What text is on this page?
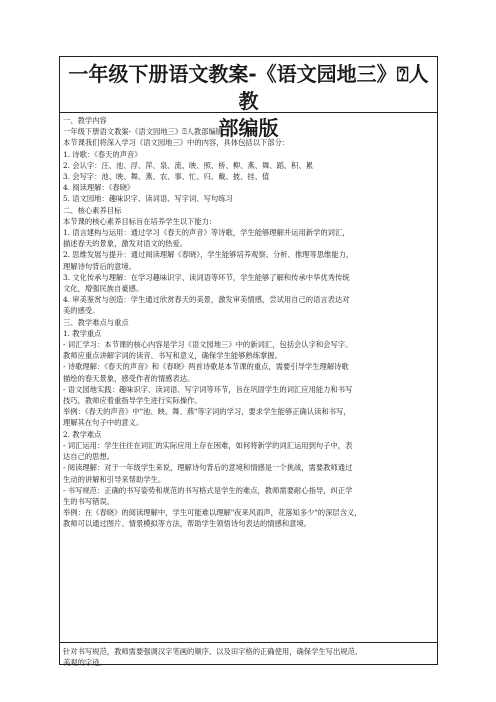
一年级下册语文教案-《语文园地三》⍰人教
部编版
一、教学内容
一年级下册语文教案-《语文园地三》⍰人教部编版
本节课我们将深入学习《语文园地三》中的内容，具体包括以下部分：
1. 诗歌：《春天的声音》
2. 会认字：汪、池、浮、萍、泉、流、映、照、桥、柳、燕、舞、蹈、积、累
3. 会写字：池、映、舞、燕、农、事、忙、归、戴、披、挂、值
4. 阅读理解：《春晓》
5. 语文园地：趣味识字、读词语、写字词、写句练习
二、核心素养目标
本节课的核心素养目标旨在培养学生以下能力：
1. 语言建构与运用：通过学习《春天的声音》等诗歌，学生能够理解并运用新学的词汇，
描述春天的景象，激发对语文的热爱。
2. 思维发展与提升：通过阅读理解《春晓》，学生能够培养观察、分析、推理等思维能力，
理解诗句背后的意境。
3. 文化传承与理解：在学习趣味识字、读词语等环节，学生能够了解和传承中华优秀传统
文化，增强民族自豪感。
4. 审美鉴赏与创造：学生通过欣赏春天的美景，激发审美情感，尝试用自己的语言表达对
美的感受。
三、教学难点与重点
1. 教学重点
- 词汇学习：本节课的核心内容是学习《语文园地三》中的新词汇，包括会认字和会写字。
教师应重点讲解字词的读音、书写和意义，确保学生能够熟练掌握。
- 诗歌理解：《春天的声音》和《春晓》两首诗歌是本节课的重点，需要引导学生理解诗歌
描绘的春天景象，感受作者的情感表达。
- 语文园地实践：趣味识字、读词语、写字词等环节，旨在巩固学生的词汇应用能力和书写
技巧，教师应着重指导学生进行实际操作。
举例：《春天的声音》中"池、映、舞、燕"等字词的学习，要求学生能够正确认读和书写，
理解其在句子中的意义。
2. 教学难点
- 词汇运用：学生往往在词汇的实际应用上存在困难，如何将新学的词汇运用到句子中，表
达自己的思想。
- 阅读理解：对于一年级学生来说，理解诗句背后的意境和情感是一个挑战，需要教师通过
生动的讲解和引导来帮助学生。
- 书写规范：正确的书写姿势和规范的书写格式是学生的难点，教师需要耐心指导，纠正学
生的书写错误。
举例：在《春晓》的阅读理解中，学生可能难以理解"夜来风雨声，花落知多少"的深层含义，
教师可以通过图片、情景模拟等方法，帮助学生领悟诗句表达的情感和意境。
针对书写规范，教师需要强调汉字笔画的顺序、以及田字格的正确使用，确保学生写出规范、
美观的字迹。
